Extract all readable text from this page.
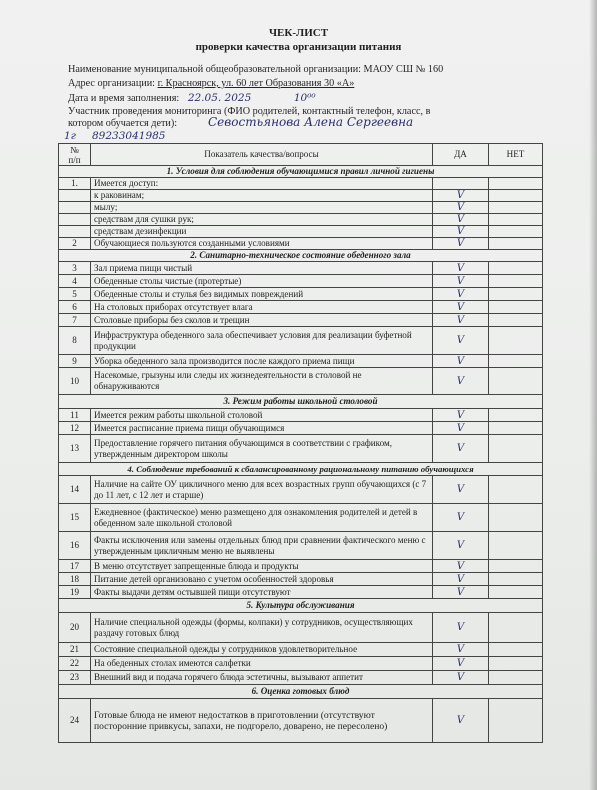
ЧЕК-ЛИСТ
проверки качества организации питания
Наименование муниципальной общеобразовательной организации: МАОУ СШ № 160
Адрес организации: г. Красноярск, ул. 60 лет Образования 30 «А»
Дата и время заполнения: 22.05. 2025	10⁰⁰
Участник проведения мониторинга (ФИО родителей, контактный телефон, класс, в
котором обучается дети):	Севостьянова Алена Сергеевна
1г 89233041985
№
п/п	Показатель качества/вопросы	ДА	НЕТ
1. Условия для соблюдения обучающимися правил личной гигиены			
1.	Имеется доступ:		
	к раковинам;	V	
	мылу;	V	
	средствам для сушки рук;	V	
	средствам дезинфекции	V	
2	Обучающиеся пользуются созданными условиями	V	
2. Санитарно-техническое состояние обеденного зала			
3	Зал приема пищи чистый	V	
4	Обеденные столы чистые (протертые)	V	
5	Обеденные столы и стулья без видимых повреждений	V	
6	На столовых приборах отсутствует влага	V	
7	Столовые приборы без сколов и трещин	V	
8	Инфраструктура обеденного зала обеспечивает условия для реализации буфетной продукции	V	
9	Уборка обеденного зала производится после каждого приема пищи	V	
10	Насекомые, грызуны или следы их жизнедеятельности в столовой не обнаруживаются	V	
3. Режим работы школьной столовой			
11	Имеется режим работы школьной столовой	V	
12	Имеется расписание приема пищи обучающимся	V	
13	Предоставление горячего питания обучающимся в соответствии с графиком, утвержденным директором школы	V	
4. Соблюдение требований к сбалансированному рациональному питанию обучающихся			
14	Наличие на сайте ОУ цикличного меню для всех возрастных групп обучающихся (с 7 до 11 лет, с 12 лет и старше)	V	
15	Ежедневное (фактическое) меню размещено для ознакомления родителей и детей в обеденном зале школьной столовой	V	
16	Факты исключения или замены отдельных блюд при сравнении фактического меню с утвержденным цикличным меню не выявлены	V	
17	В меню отсутствует запрещенные блюда и продукты	V	
18	Питание детей организовано с учетом особенностей здоровья	V	
19	Факты выдачи детям остывшей пищи отсутствуют	V	
5. Культура обслуживания			
20	Наличие специальной одежды (формы, колпаки) у сотрудников, осуществляющих раздачу готовых блюд	V	
21	Состояние специальной одежды у сотрудников удовлетворительное	V	
22	На обеденных столах имеются салфетки	V	
23	Внешний вид и подача горячего блюда эстетичны, вызывают аппетит	V	
6. Оценка готовых блюд			
24	Готовые блюда не имеют недостатков в приготовлении (отсутствуют посторонние привкусы, запахи, не подгорело, доварено, не пересолено)	V	
